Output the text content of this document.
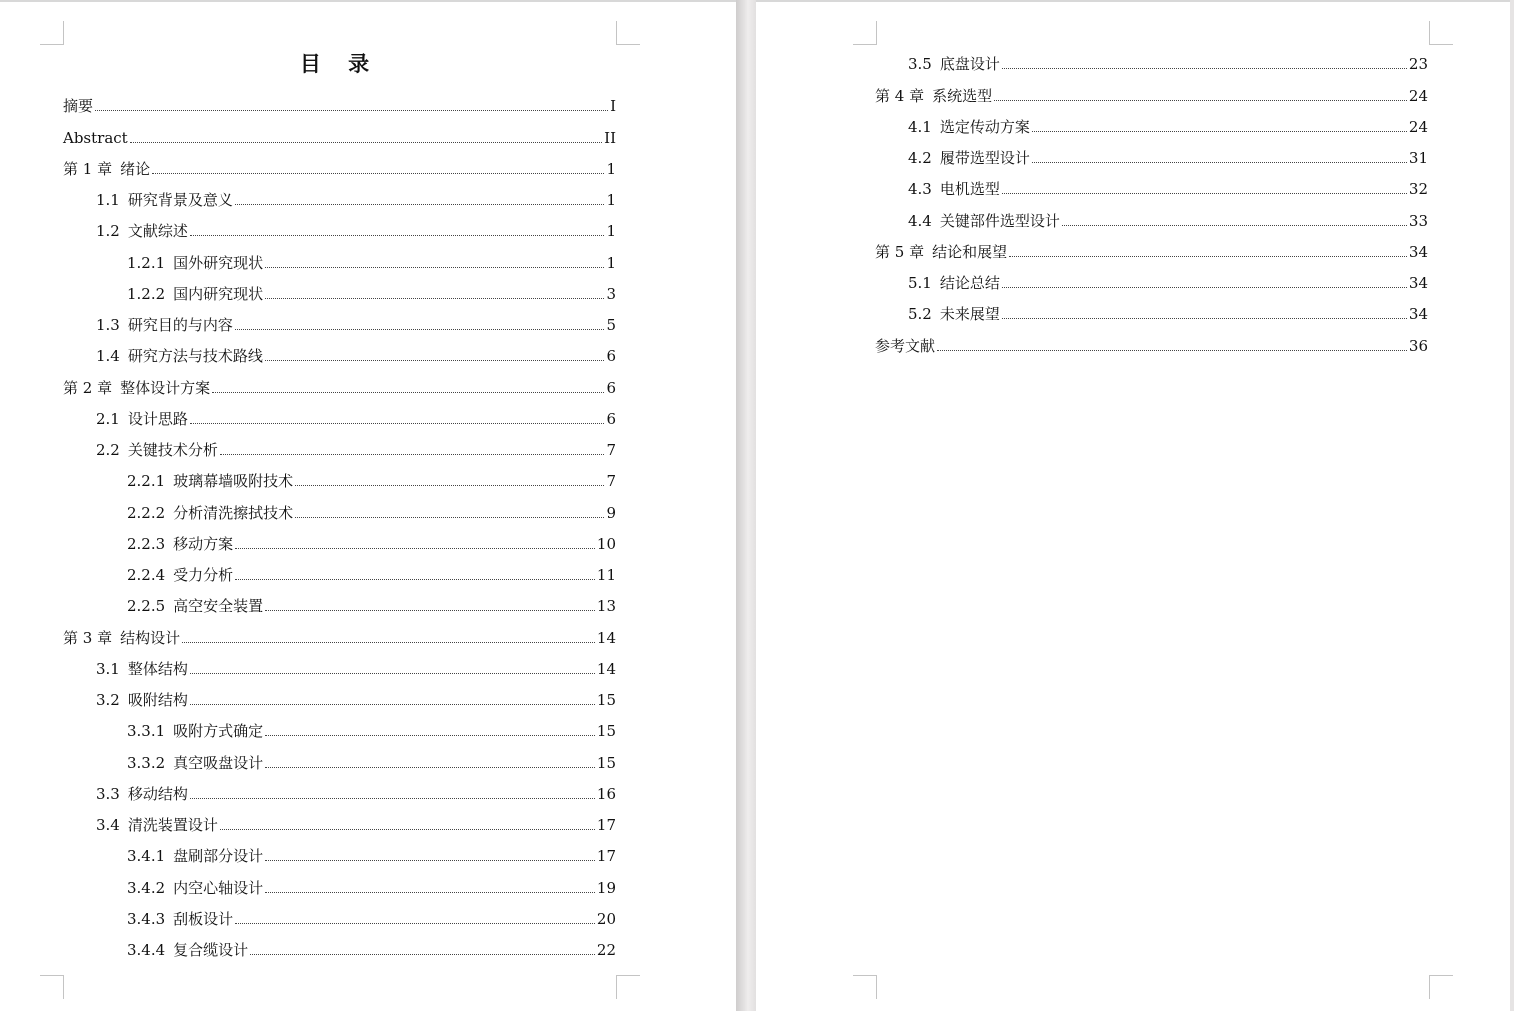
目 录
摘要	I
Abstract	II
第 1 章 绪论	1
1.1 研究背景及意义	1
1.2 文献综述	1
1.2.1 国外研究现状	1
1.2.2 国内研究现状	3
1.3 研究目的与内容	5
1.4 研究方法与技术路线	6
第 2 章 整体设计方案	6
2.1 设计思路	6
2.2 关键技术分析	7
2.2.1 玻璃幕墙吸附技术	7
2.2.2 分析清洗擦拭技术	9
2.2.3 移动方案	10
2.2.4 受力分析	11
2.2.5 高空安全装置	13
第 3 章 结构设计	14
3.1 整体结构	14
3.2 吸附结构	15
3.3.1 吸附方式确定	15
3.3.2 真空吸盘设计	15
3.3 移动结构	16
3.4 清洗装置设计	17
3.4.1 盘刷部分设计	17
3.4.2 内空心轴设计	19
3.4.3 刮板设计	20
3.4.4 复合缆设计	22
3.5 底盘设计	23
第 4 章 系统选型	24
4.1 选定传动方案	24
4.2 履带选型设计	31
4.3 电机选型	32
4.4 关键部件选型设计	33
第 5 章 结论和展望	34
5.1 结论总结	34
5.2 未来展望	34
参考文献	36
